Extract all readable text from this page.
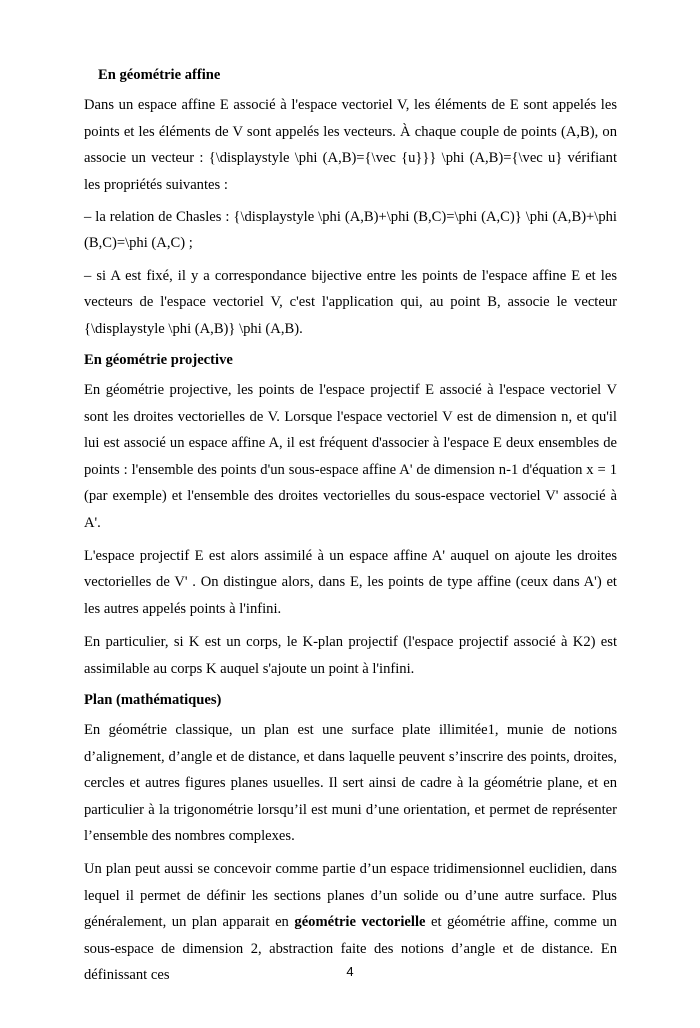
En géométrie affine

Dans un espace affine E associé à l'espace vectoriel V, les éléments de E sont appelés les points et les éléments de V sont appelés les vecteurs. À chaque couple de points (A,B), on associe un vecteur : {\displaystyle \phi (A,B)={\vec {u}}} \phi (A,B)={\vec u} vérifiant les propriétés suivantes :

– la relation de Chasles : {\displaystyle \phi (A,B)+\phi (B,C)=\phi (A,C)} \phi (A,B)+\phi (B,C)=\phi (A,C) ;

– si A est fixé, il y a correspondance bijective entre les points de l'espace affine E et les vecteurs de l'espace vectoriel V, c'est l'application qui, au point B, associe le vecteur {\displaystyle \phi (A,B)} \phi (A,B).

En géométrie projective

En géométrie projective, les points de l'espace projectif E associé à l'espace vectoriel V sont les droites vectorielles de V. Lorsque l'espace vectoriel V est de dimension n, et qu'il lui est associé un espace affine A, il est fréquent d'associer à l'espace E deux ensembles de points : l'ensemble des points d'un sous-espace affine A' de dimension n-1 d'équation x = 1 (par exemple) et l'ensemble des droites vectorielles du sous-espace vectoriel V' associé à A'.

L'espace projectif E est alors assimilé à un espace affine A' auquel on ajoute les droites vectorielles de V' . On distingue alors, dans E, les points de type affine (ceux dans A') et les autres appelés points à l'infini.

En particulier, si K est un corps, le K-plan projectif (l'espace projectif associé à K2) est assimilable au corps K auquel s'ajoute un point à l'infini.

Plan (mathématiques)

En géométrie classique, un plan est une surface plate illimitée1, munie de notions d’alignement, d’angle et de distance, et dans laquelle peuvent s’inscrire des points, droites, cercles et autres figures planes usuelles. Il sert ainsi de cadre à la géométrie plane, et en particulier à la trigonométrie lorsqu’il est muni d’une orientation, et permet de représenter l’ensemble des nombres complexes.

Un plan peut aussi se concevoir comme partie d’un espace tridimensionnel euclidien, dans lequel il permet de définir les sections planes d’un solide ou d’une autre surface. Plus généralement, un plan apparait en géométrie vectorielle et géométrie affine, comme un sous-espace de dimension 2, abstraction faite des notions d’angle et de distance. En définissant ces	4
